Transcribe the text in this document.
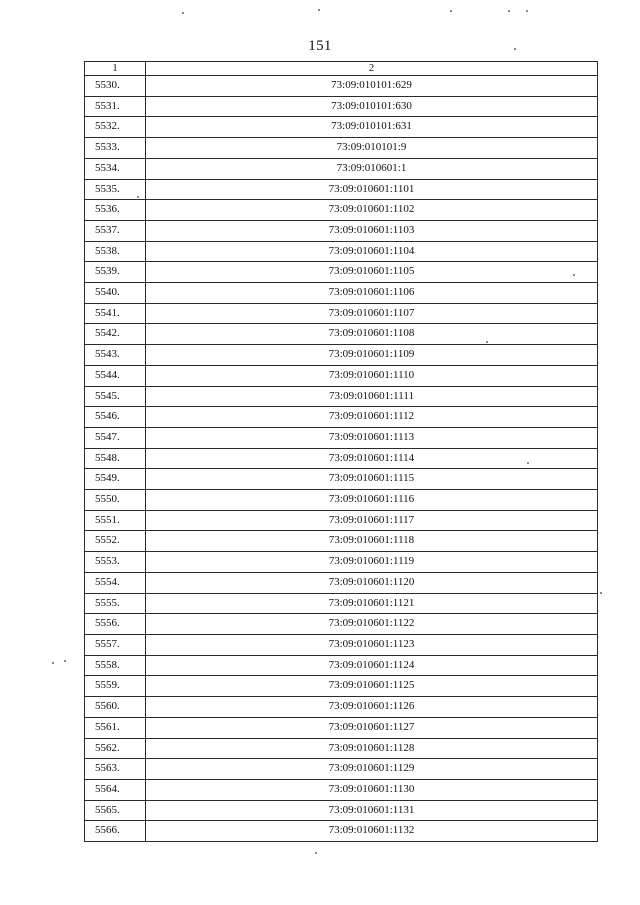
151
1	2
5530.	73:09:010101:629
5531.	73:09:010101:630
5532.	73:09:010101:631
5533.	73:09:010101:9
5534.	73:09:010601:1
5535.	73:09:010601:1101
5536.	73:09:010601:1102
5537.	73:09:010601:1103
5538.	73:09:010601:1104
5539.	73:09:010601:1105
5540.	73:09:010601:1106
5541.	73:09:010601:1107
5542.	73:09:010601:1108
5543.	73:09:010601:1109
5544.	73:09:010601:1110
5545.	73:09:010601:1111
5546.	73:09:010601:1112
5547.	73:09:010601:1113
5548.	73:09:010601:1114
5549.	73:09:010601:1115
5550.	73:09:010601:1116
5551.	73:09:010601:1117
5552.	73:09:010601:1118
5553.	73:09:010601:1119
5554.	73:09:010601:1120
5555.	73:09:010601:1121
5556.	73:09:010601:1122
5557.	73:09:010601:1123
5558.	73:09:010601:1124
5559.	73:09:010601:1125
5560.	73:09:010601:1126
5561.	73:09:010601:1127
5562.	73:09:010601:1128
5563.	73:09:010601:1129
5564.	73:09:010601:1130
5565.	73:09:010601:1131
5566.	73:09:010601:1132
